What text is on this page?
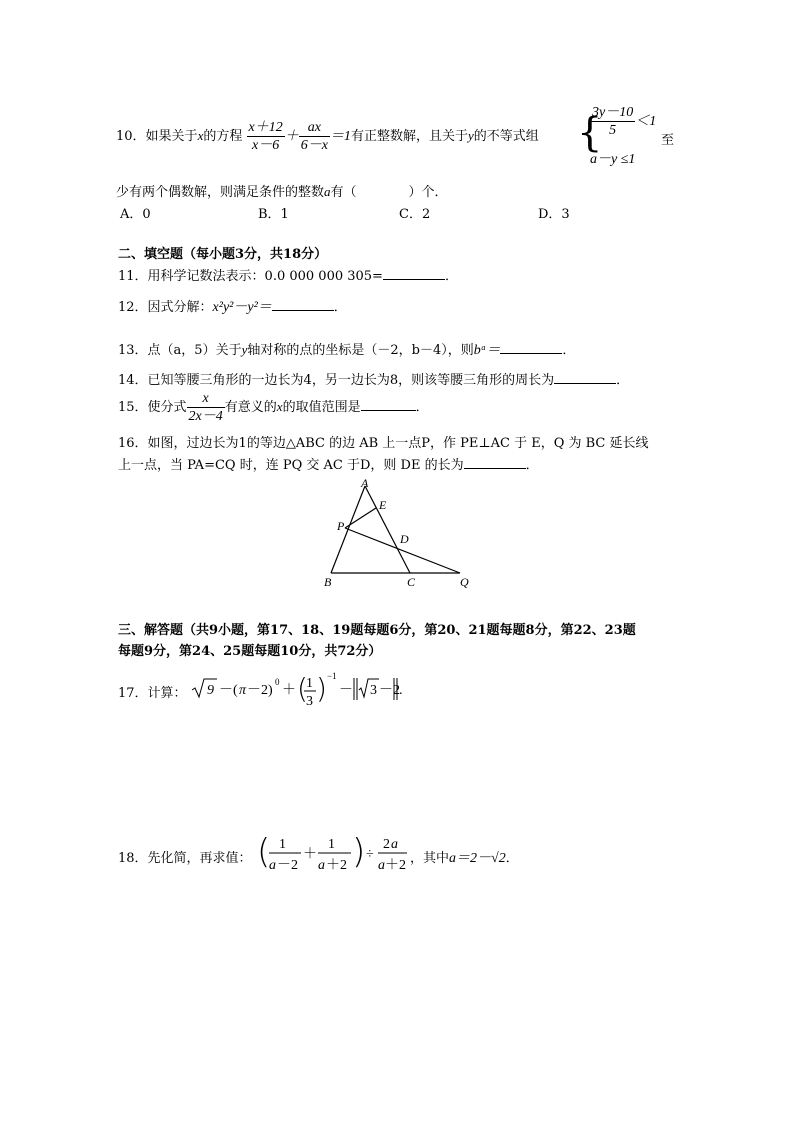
10．如果关于x的方程 $\frac{x+12}{x-6} + \frac{ax}{6-x} =1$有正整数解，且关于y的不等式组 {
$\frac{3y-10}{5} <1$
a－y ≤1
至
少有两个偶数解，则满足条件的整数a有（　　　　）个．
A．0	B．1	C．2	D．3
二、填空题（每小题3分，共18分）
11．用科学记数法表示：0.0 000 000 305=	．
12．因式分解：x²y²－y²＝	．
13．点（a，5）关于y轴对称的点的坐标是（－2，b－4），则bᵃ＝	．
14．已知等腰三角形的一边长为4，另一边长为8，则该等腰三角形的周长为	．
15．使分式 $\frac{x}{2x-4}$ 有意义的x的取值范围是	．
16．如图，过边长为1的等边△ABC 的边 AB 上一点P，作 PE⊥AC 于 E，Q 为 BC 延长线
上一点，当 PA=CQ 时，连 PQ 交 AC 于D，则 DE 的长为	．
A
E
P
D
B	C	Q
三、解答题（共9小题，第17、18、19题每题6分，第20、21题每题8分，第22、23题
每题9分，第24、25题每题10分，共72分）
17．计算： 9 －( π －2)
0
＋ (
1
3 ) −1
－ 3 －2 .
18．先化简，再求值： ( 1
a －2
＋
1
a ＋2 ) ÷
2 a
a ＋2 ，其中a＝2－√2．
